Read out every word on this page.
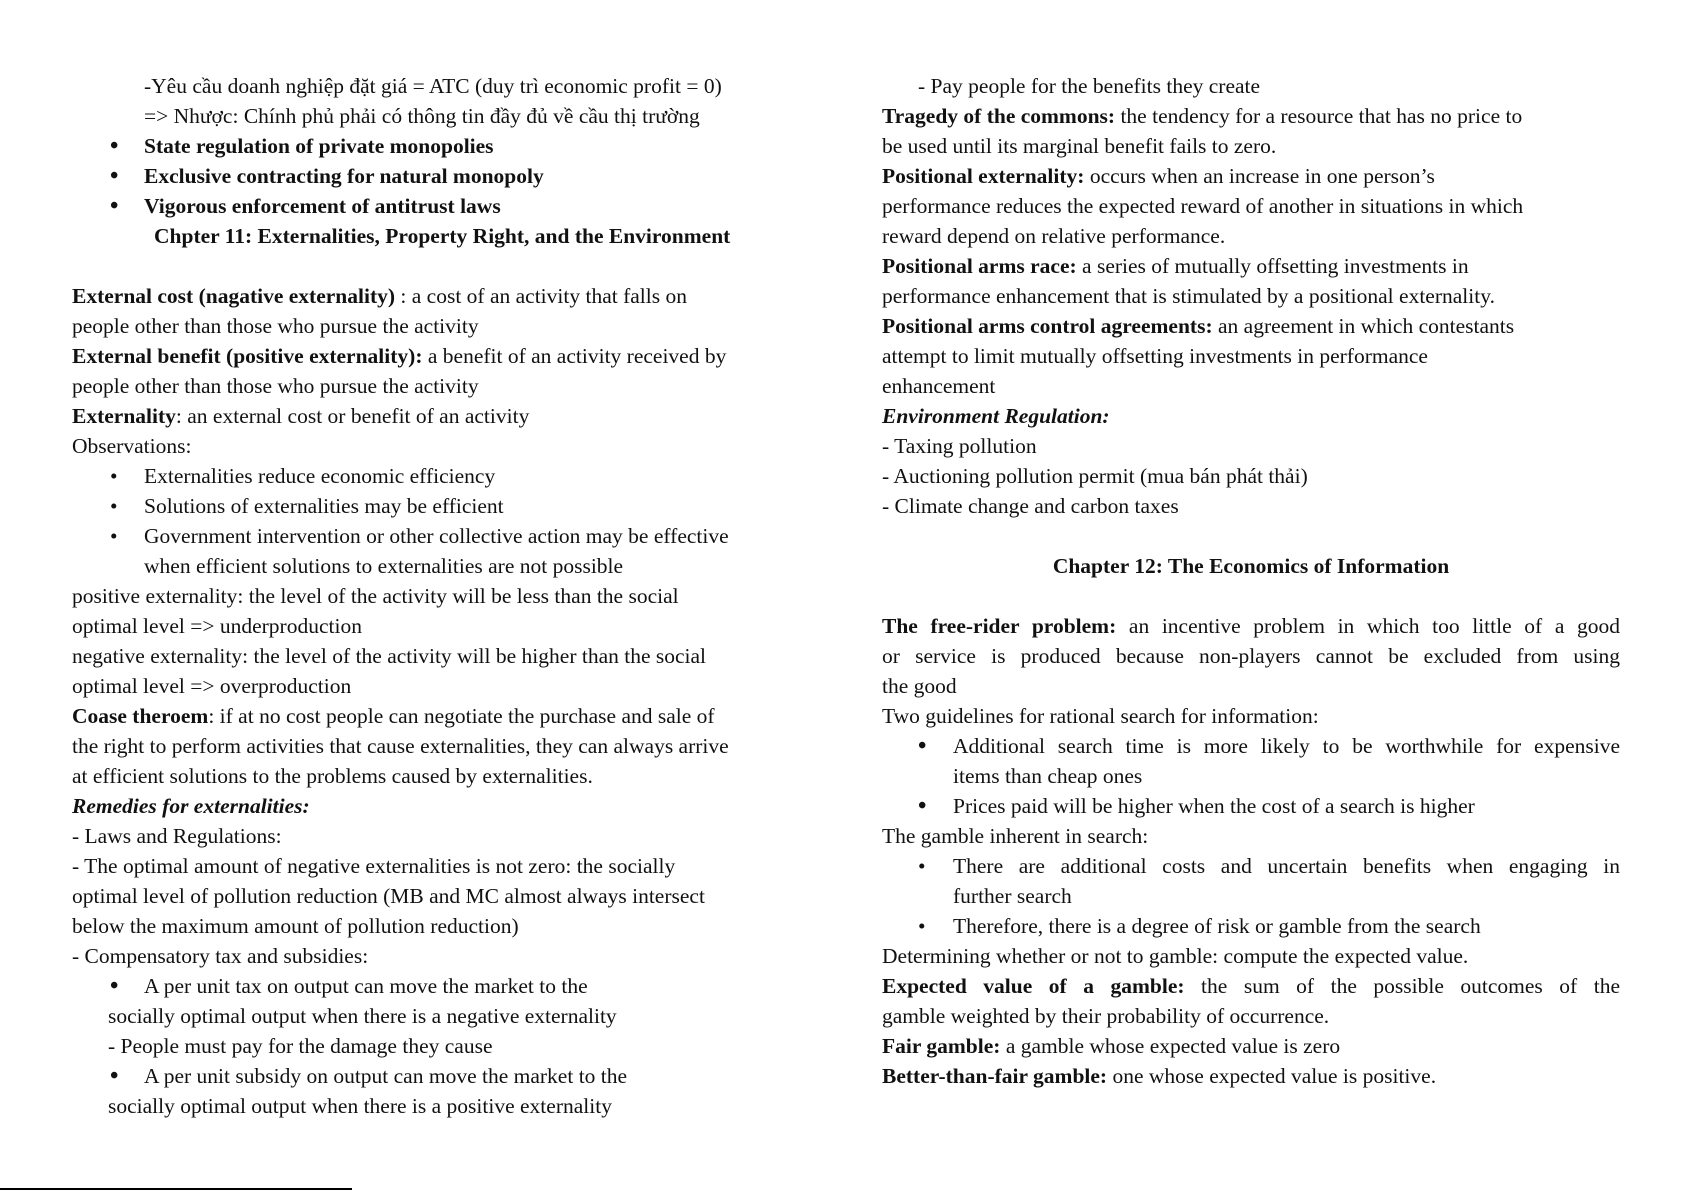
-Yêu cầu doanh nghiệp đặt giá = ATC (duy trì economic profit = 0)
=> Nhược: Chính phủ phải có thông tin đầy đủ về cầu thị trường
• State regulation of private monopolies
• Exclusive contracting for natural monopoly
• Vigorous enforcement of antitrust laws
Chpter 11: Externalities, Property Right, and the Environment
External cost (nagative externality) : a cost of an activity that falls on
people other than those who pursue the activity
External benefit (positive externality): a benefit of an activity received by
people other than those who pursue the activity
Externality: an external cost or benefit of an activity
Observations:
• Externalities reduce economic efficiency
• Solutions of externalities may be efficient
• Government intervention or other collective action may be effective
when efficient solutions to externalities are not possible
positive externality: the level of the activity will be less than the social
optimal level => underproduction
negative externality: the level of the activity will be higher than the social
optimal level => overproduction
Coase theroem: if at no cost people can negotiate the purchase and sale of
the right to perform activities that cause externalities, they can always arrive
at efficient solutions to the problems caused by externalities.
Remedies for externalities:
- Laws and Regulations:
- The optimal amount of negative externalities is not zero: the socially
optimal level of pollution reduction (MB and MC almost always intersect
below the maximum amount of pollution reduction)
- Compensatory tax and subsidies:
• A per unit tax on output can move the market to the
socially optimal output when there is a negative externality
- People must pay for the damage they cause
• A per unit subsidy on output can move the market to the
socially optimal output when there is a positive externality
- Pay people for the benefits they create
Tragedy of the commons: the tendency for a resource that has no price to
be used until its marginal benefit fails to zero.
Positional externality: occurs when an increase in one person’s
performance reduces the expected reward of another in situations in which
reward depend on relative performance.
Positional arms race: a series of mutually offsetting investments in
performance enhancement that is stimulated by a positional externality.
Positional arms control agreements: an agreement in which contestants
attempt to limit mutually offsetting investments in performance
enhancement
Environment Regulation:
- Taxing pollution
- Auctioning pollution permit (mua bán phát thải)
- Climate change and carbon taxes
Chapter 12: The Economics of Information
The free-rider problem: an incentive problem in which too little of a good
or service is produced because non-players cannot be excluded from using
the good
Two guidelines for rational search for information:
• Additional search time is more likely to be worthwhile for expensive
items than cheap ones
• Prices paid will be higher when the cost of a search is higher
The gamble inherent in search:
• There are additional costs and uncertain benefits when engaging in
further search
• Therefore, there is a degree of risk or gamble from the search
Determining whether or not to gamble: compute the expected value.
Expected value of a gamble: the sum of the possible outcomes of the
gamble weighted by their probability of occurrence.
Fair gamble: a gamble whose expected value is zero
Better-than-fair gamble: one whose expected value is positive.
